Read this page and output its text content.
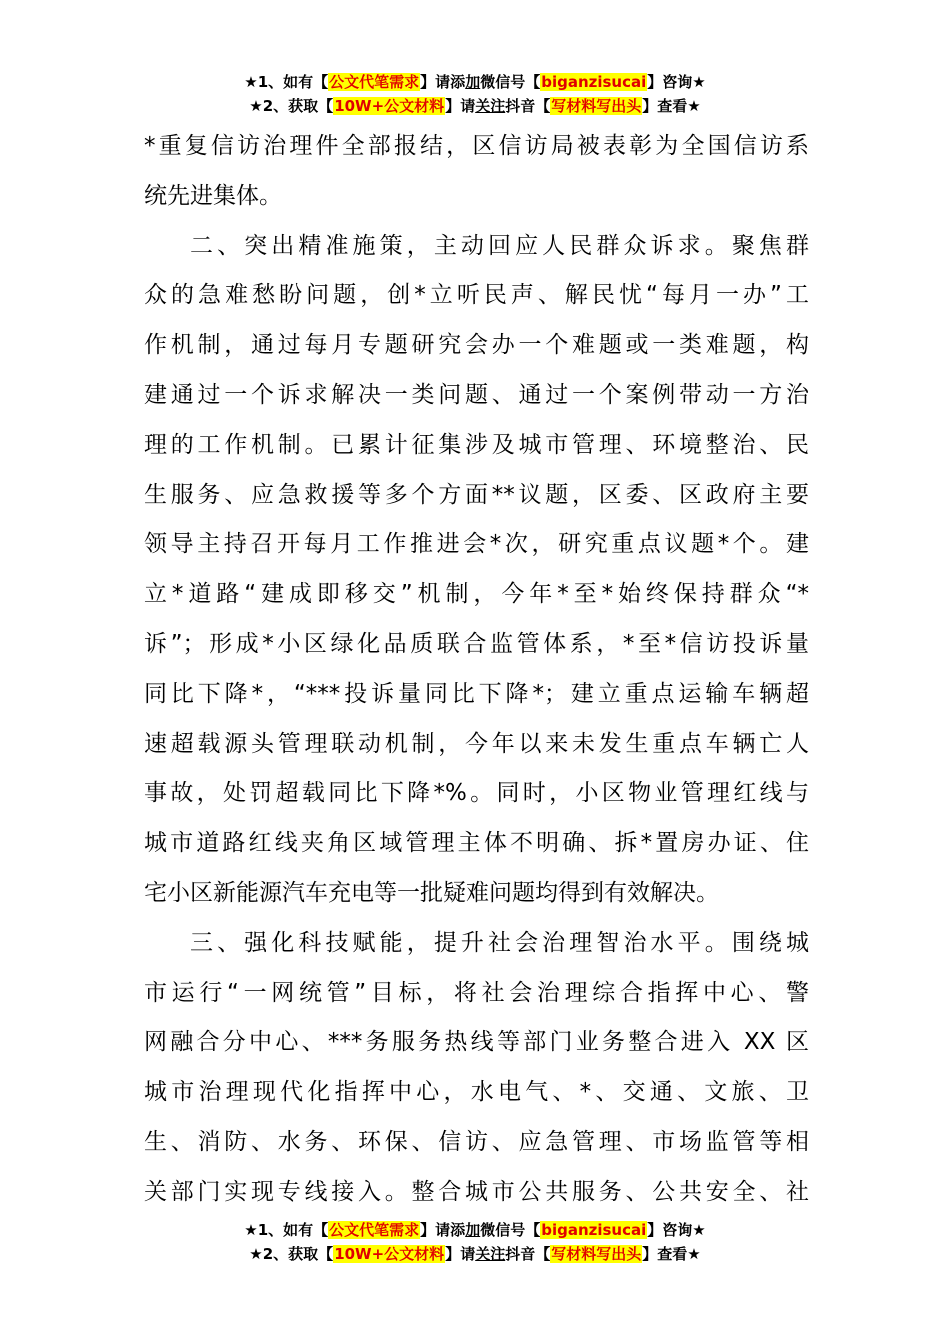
★1、如有【公文代笔需求】请添加微信号【biganzisucai】咨询★
★2、获取【10W+公文材料】请关注抖音【写材料写出头】查看★
*重复信访治理件全部报结，区信访局被表彰为全国信访系
统先进集体。
二、突出精准施策，主动回应人民群众诉求。聚焦群
众的急难愁盼问题，创*立听民声、解民忧“每月一办”工
作机制，通过每月专题研究会办一个难题或一类难题，构
建通过一个诉求解决一类问题、通过一个案例带动一方治
理的工作机制。已累计征集涉及城市管理、环境整治、民
生服务、应急救援等多个方面**议题，区委、区政府主要
领导主持召开每月工作推进会*次，研究重点议题*个。建
立*道路“建成即移交”机制，今年*至*始终保持群众“*
诉”；形成*小区绿化品质联合监管体系，*至*信访投诉量
同比下降*，“***投诉量同比下降*；建立重点运输车辆超
速超载源头管理联动机制，今年以来未发生重点车辆亡人
事故，处罚超载同比下降*%。同时，小区物业管理红线与
城市道路红线夹角区域管理主体不明确、拆*置房办证、住
宅小区新能源汽车充电等一批疑难问题均得到有效解决。
三、强化科技赋能，提升社会治理智治水平。围绕城
市运行“一网统管”目标，将社会治理综合指挥中心、警
网融合分中心、***务服务热线等部门业务整合进入 XX 区
城市治理现代化指挥中心，水电气、*、交通、文旅、卫
生、消防、水务、环保、信访、应急管理、市场监管等相
关部门实现专线接入。整合城市公共服务、公共安全、社
★1、如有【公文代笔需求】请添加微信号【biganzisucai】咨询★
★2、获取【10W+公文材料】请关注抖音【写材料写出头】查看★
